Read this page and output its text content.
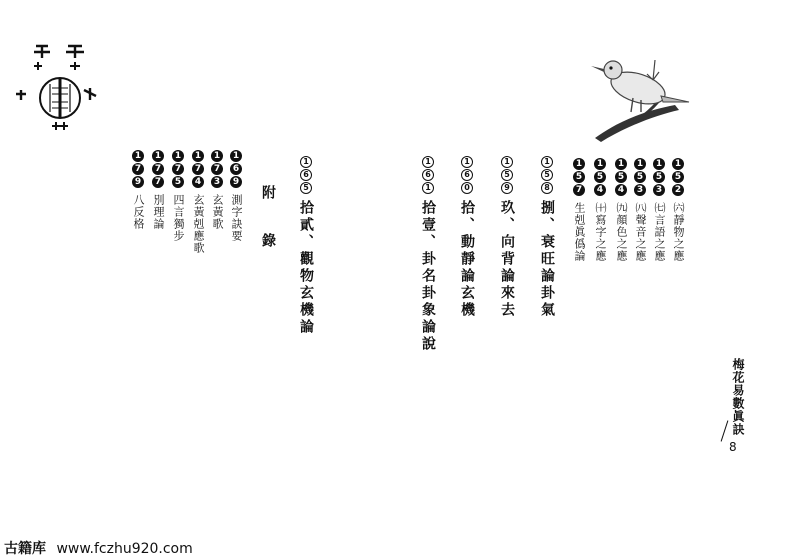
1
5
2
㈥靜物之應
1
5
3
㈦言語之應
1
5
3
㈧聲音之應
1
5
4
㈨顏色之應
1
5
4
㈩寫字之應
1
5
7
生剋眞僞論
1
5
8
捌、衰旺論卦氣
1
5
9
玖、向背論來去
1
6
0
拾、動靜論玄機
1
6
1
拾壹、卦名卦象論說
1
6
5
拾貳、觀物玄機論
附　錄
1
6
9
測字訣要
1
7
3
玄黃歌
1
7
4
玄黃剋應歌
1
7
5
四言獨步
1
7
7
別理論
1
7
9
八反格
梅花易數眞訣
8
古籍库 www.fczhu920.com
